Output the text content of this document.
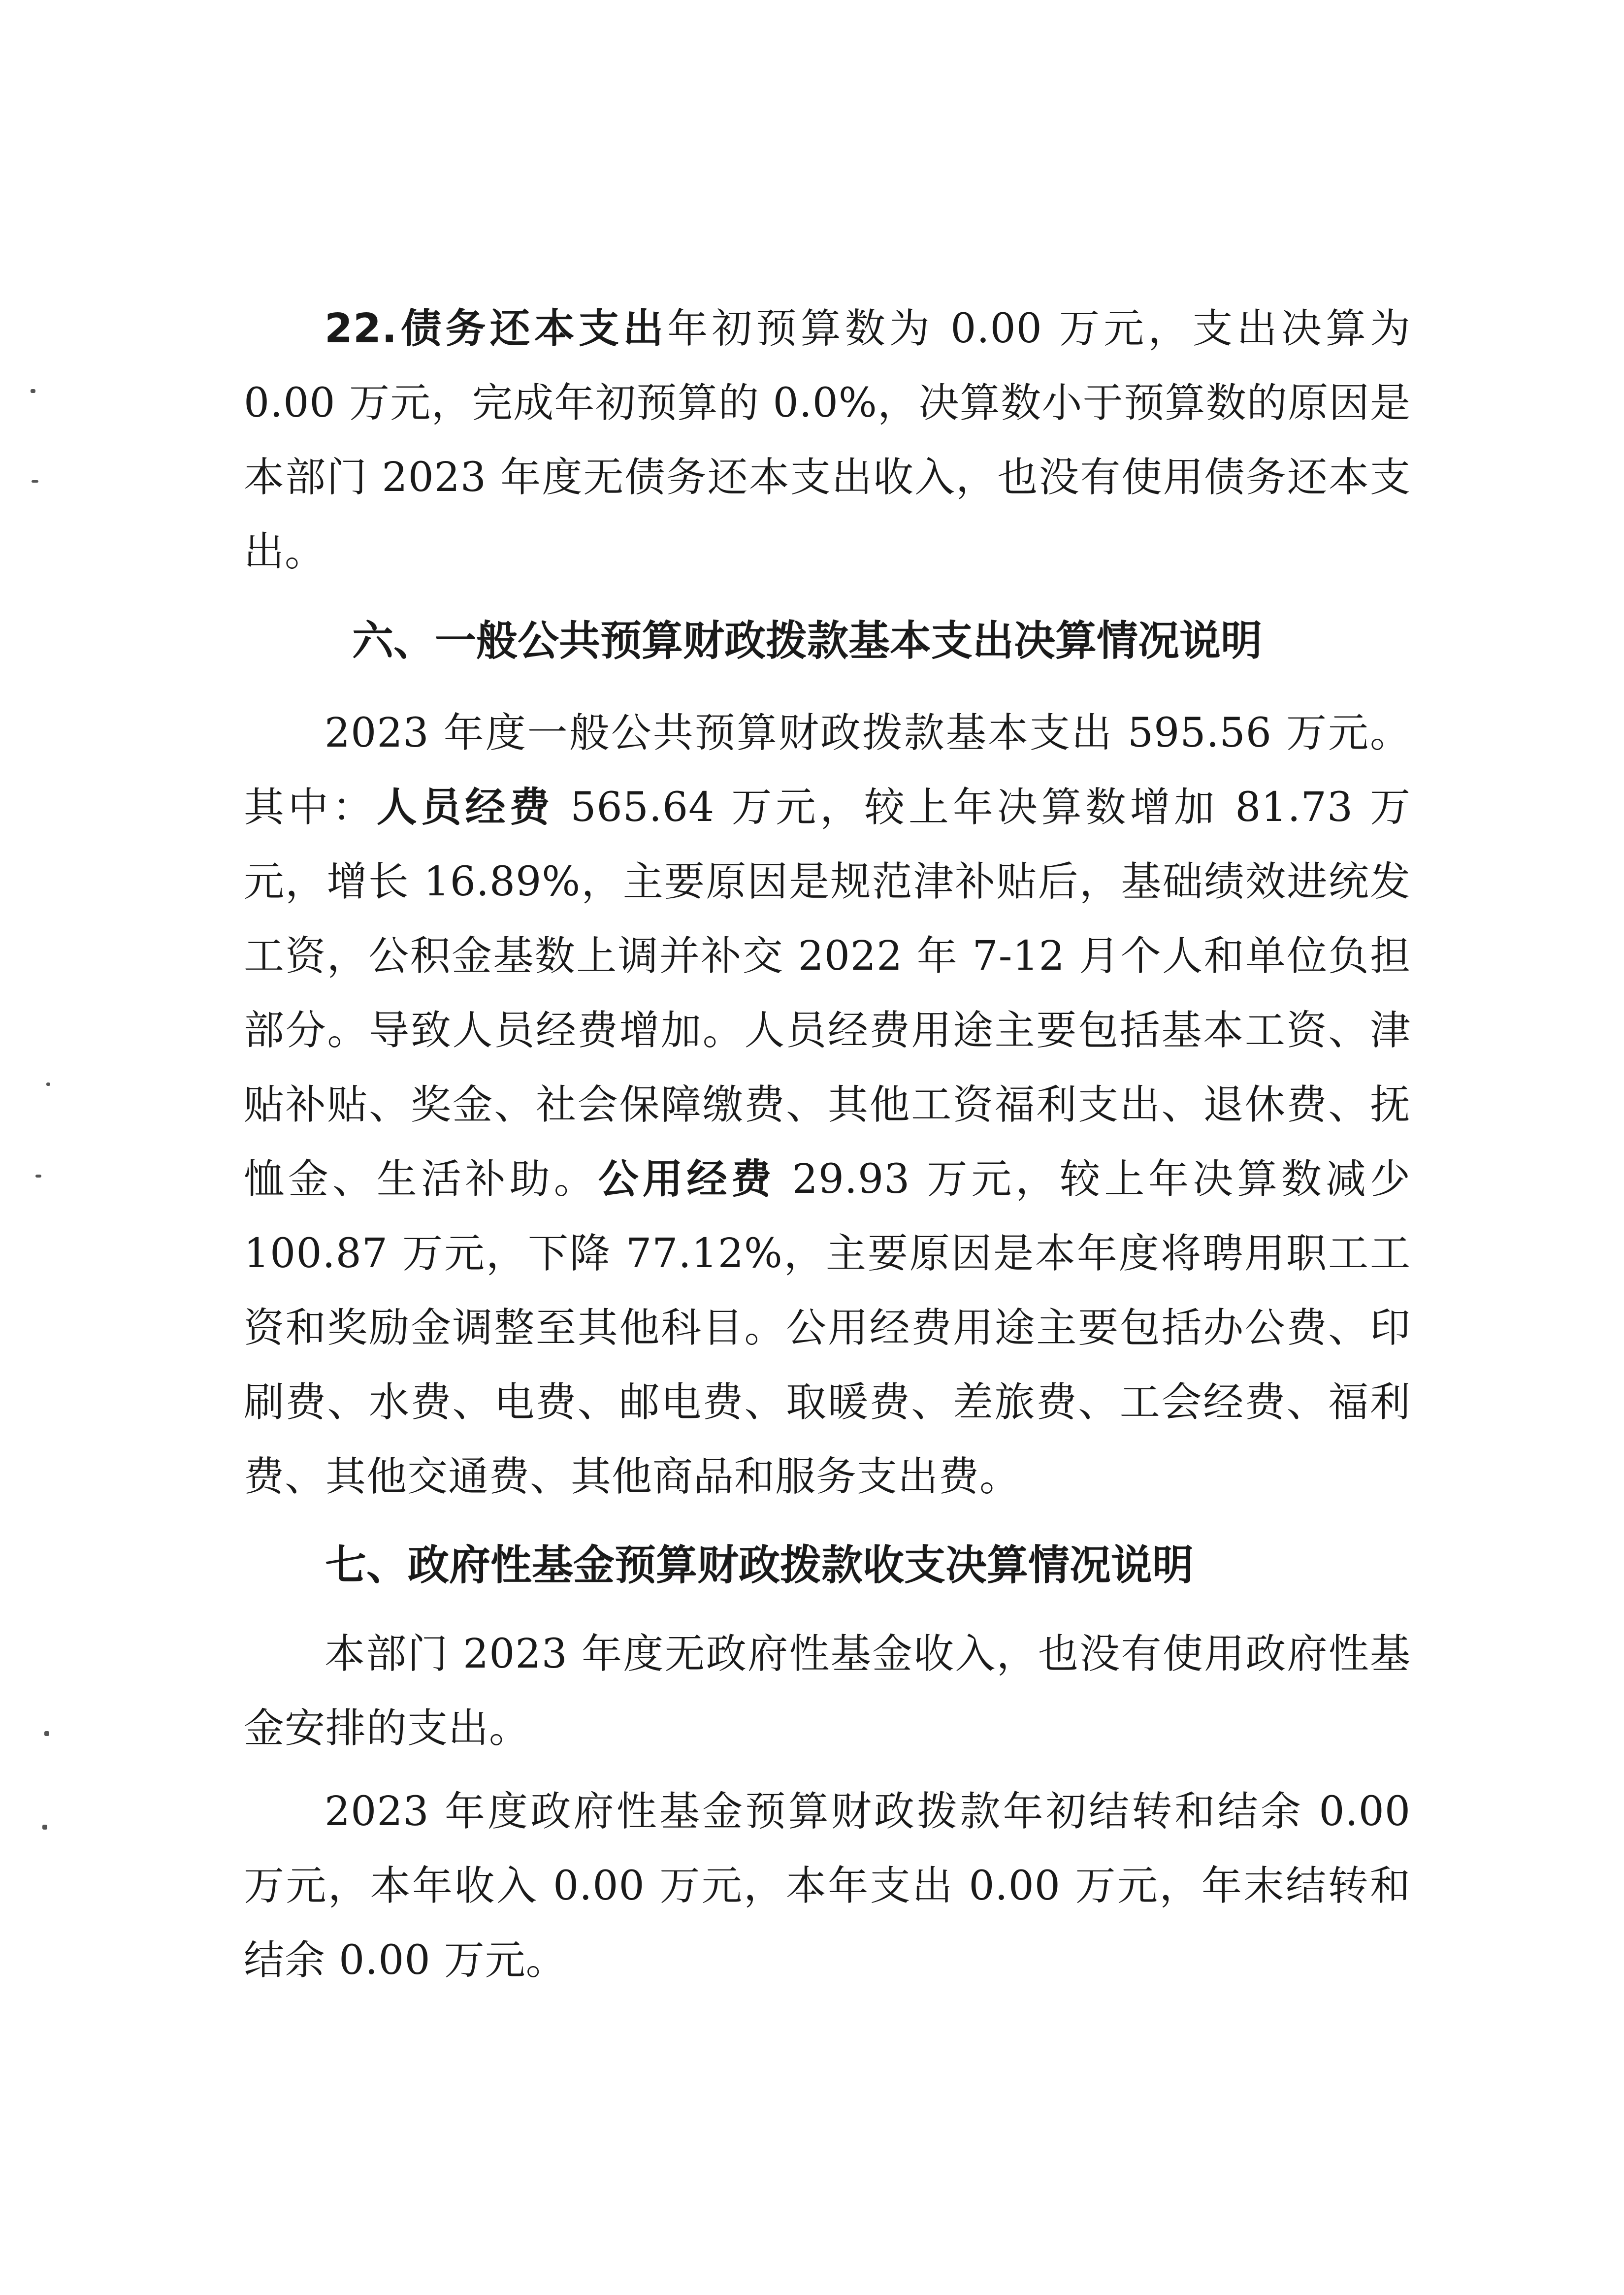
22.债务还本支出年初预算数为 0.00 万元，支出决算为 0.00 万元，完成年初预算的 0.0%，决算数小于预算数的原因是本部门 2023 年度无债务还本支出收入，也没有使用债务还本支出。

六、一般公共预算财政拨款基本支出决算情况说明

2023 年度一般公共预算财政拨款基本支出 595.56 万元。其中：人员经费 565.64 万元，较上年决算数增加 81.73 万元，增长 16.89%，主要原因是规范津补贴后，基础绩效进统发工资，公积金基数上调并补交 2022 年 7-12 月个人和单位负担部分。导致人员经费增加。人员经费用途主要包括基本工资、津贴补贴、奖金、社会保障缴费、其他工资福利支出、退休费、抚恤金、生活补助。公用经费 29.93 万元，较上年决算数减少 100.87 万元，下降 77.12%，主要原因是本年度将聘用职工工资和奖励金调整至其他科目。公用经费用途主要包括办公费、印刷费、水费、电费、邮电费、取暖费、差旅费、工会经费、福利费、其他交通费、其他商品和服务支出费。

七、政府性基金预算财政拨款收支决算情况说明

本部门 2023 年度无政府性基金收入，也没有使用政府性基金安排的支出。

2023 年度政府性基金预算财政拨款年初结转和结余 0.00 万元，本年收入 0.00 万元，本年支出 0.00 万元，年末结转和结余 0.00 万元。
